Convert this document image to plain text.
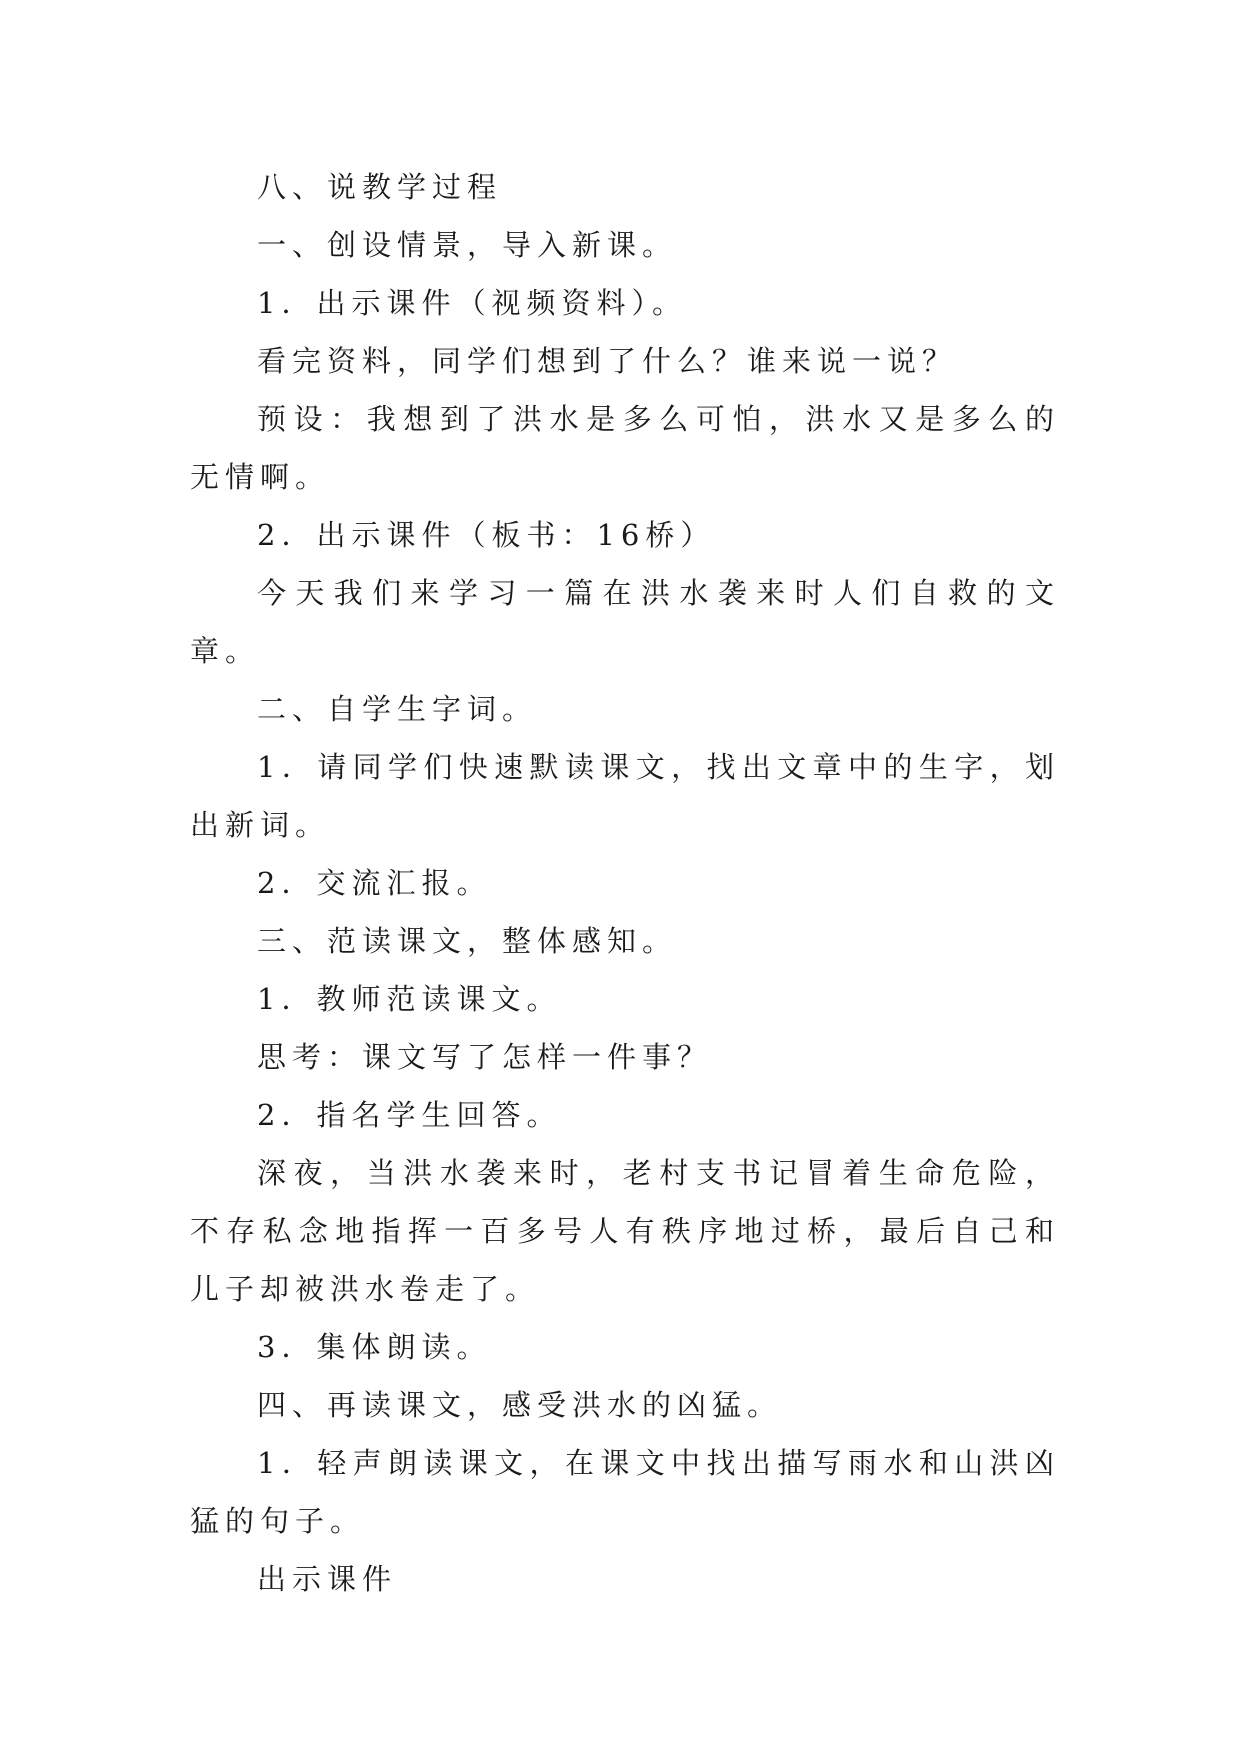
八、说教学过程

一、创设情景，导入新课。

1．出示课件（视频资料）。

看完资料，同学们想到了什么？谁来说一说？

预设：我想到了洪水是多么可怕，洪水又是多么的无情啊。

2．出示课件（板书：16桥）

今天我们来学习一篇在洪水袭来时人们自救的文章。

二、自学生字词。

1．请同学们快速默读课文，找出文章中的生字，划出新词。

2．交流汇报。

三、范读课文，整体感知。

1．教师范读课文。

思考：课文写了怎样一件事？

2．指名学生回答。

深夜，当洪水袭来时，老村支书记冒着生命危险，不存私念地指挥一百多号人有秩序地过桥，最后自己和儿子却被洪水卷走了。

3．集体朗读。

四、再读课文，感受洪水的凶猛。

1．轻声朗读课文，在课文中找出描写雨水和山洪凶猛的句子。

出示课件
